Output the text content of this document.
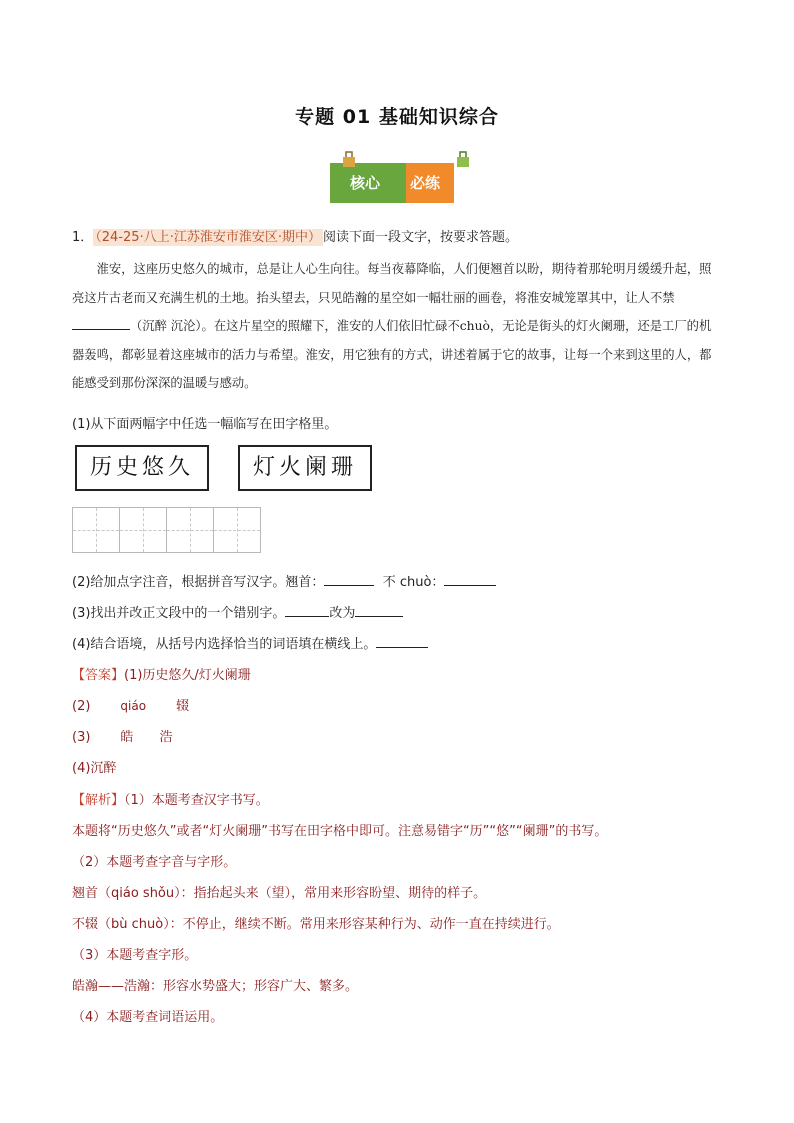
专题 01 基础知识综合
核心 必练
1． （24-25·八上·江苏淮安市淮安区·期中） 阅读下面一段文字，按要求答题。

淮安，这座历史悠久的城市，总是让人心生向往。每当夜幕降临，人们便翘首以盼，期待着那轮明月缓缓升起，照亮这片古老而又充满生机的土地。抬头望去，只见皓瀚的星空如一幅壮丽的画卷，将淮安城笼罩其中，让人不禁（沉醉 沉沦）。在这片星空的照耀下，淮安的人们依旧忙碌不chuò，无论是街头的灯火阑珊，还是工厂的机器轰鸣，都彰显着这座城市的活力与希望。淮安，用它独有的方式，讲述着属于它的故事，让每一个来到这里的人，都能感受到那份深深的温暖与感动。

(1)从下面两幅字中任选一幅临写在田字格里。
历史悠久	灯火阑珊
(2)给加点字注音，根据拼音写汉字。翘首：	不 chuò：
(3)找出并改正文段中的一个错别字。	改为
(4)结合语境，从括号内选择恰当的词语填在横线上。
【答案】(1)历史悠久/灯火阑珊
(2)	qiáo 辍
(3) 皓 浩
(4)沉醉
【解析】（1）本题考查汉字书写。
本题将“历史悠久”或者“灯火阑珊”书写在田字格中即可。注意易错字“历”“悠”“阑珊”的书写。
（2）本题考查字音与字形。
翘首（qiáo shǒu）：指抬起头来（望），常用来形容盼望、期待的样子。
不辍（bù chuò）：不停止，继续不断。常用来形容某种行为、动作一直在持续进行。
（3）本题考查字形。
皓瀚——浩瀚：形容水势盛大；形容广大、繁多。
（4）本题考查词语运用。
